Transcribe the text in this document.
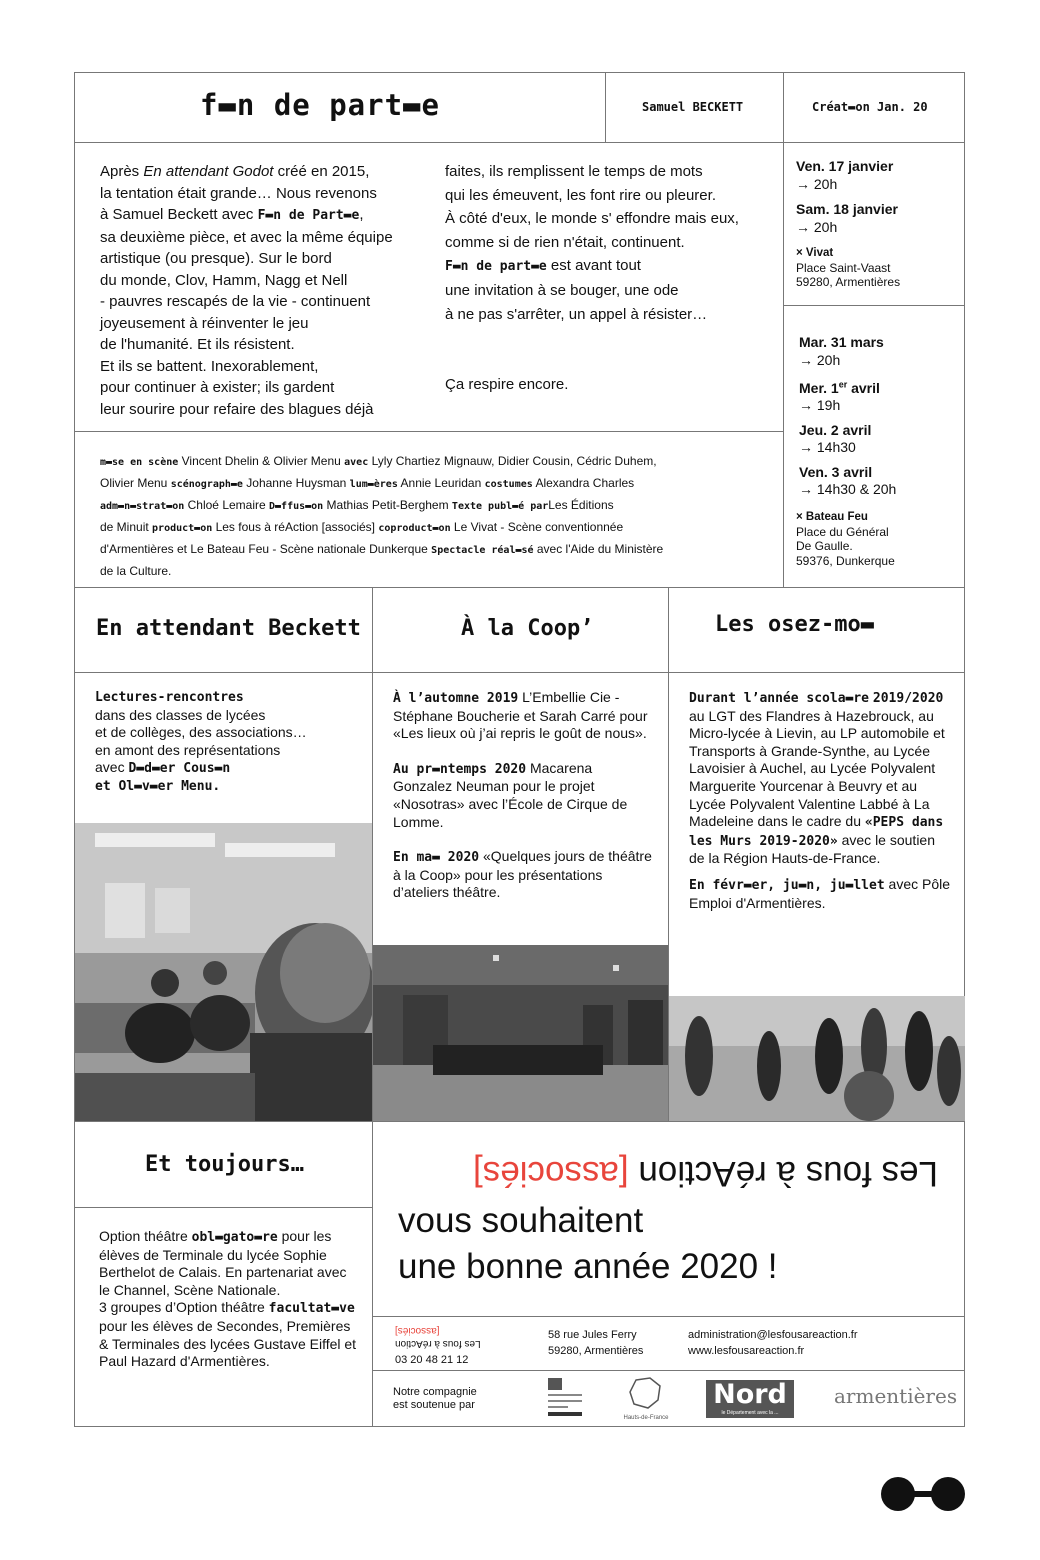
f▬n de part▬e	Samuel BECKETT	Créat▬on Jan. 20

Après En attendant Godot créé en 2015,

la tentation était grande… Nous revenons

à Samuel Beckett avec F▬n de Part▬e,

sa deuxième pièce, et avec la même équipe

artistique (ou presque). Sur le bord

du monde, Clov, Hamm, Nagg et Nell

- pauvres rescapés de la vie - continuent

joyeusement à réinventer le jeu

de l'humanité. Et ils résistent.

Et ils se battent. Inexorablement,

pour continuer à exister; ils gardent

leur sourire pour refaire des blagues déjà

faites, ils remplissent le temps de mots

qui les émeuvent, les font rire ou pleurer.

À côté d'eux, le monde s' effondre mais eux,

comme si de rien n'était, continuent.

F▬n de part▬e est avant tout

une invitation à se bouger, une ode

à ne pas s'arrêter, un appel à résister…

Ça respire encore.

Ven. 17 janvier

→ 20h

Sam. 18 janvier

→ 20h

× Vivat

Place Saint-Vaast

59280, Armentières

Mar. 31 mars

→ 20h

Mer. 1er avril

→ 19h

Jeu. 2 avril

→ 14h30

Ven. 3 avril

→ 14h30 & 20h

× Bateau Feu

Place du Général

De Gaulle.

59376, Dunkerque

m▬se en scène Vincent Dhelin & Olivier Menu avec Lyly Chartiez Mignauw, Didier Cousin, Cédric Duhem,

Olivier Menu scénograph▬e Johanne Huysman lum▬ères Annie Leuridan costumes Alexandra Charles

adm▬n▬strat▬on Chloé Lemaire D▬ffus▬on Mathias Petit-Berghem Texte publ▬é parLes Éditions

de Minuit product▬on Les fous à réAction [associés] coproduct▬on Le Vivat - Scène conventionnée

d'Armentières et Le Bateau Feu - Scène nationale Dunkerque Spectacle réal▬sé avec l'Aide du Ministère

de la Culture.

En attendant Beckett	À la Coop’	Les osez-mo▬
Et toujours…

Lectures-rencontres

dans des classes de lycées

et de collèges, des associations…

en amont des représentations

avec D▬d▬er Cous▬n

et Ol▬v▬er Menu.

À l’automne 2019 L’Embellie Cie - Stéphane Boucherie et Sarah Carré pour «Les lieux où j’ai repris le goût de nous».

Au pr▬ntemps 2020 Macarena Gonzalez Neuman pour le projet «Nosotras» avec l’École de Cirque de Lomme.

En ma▬ 2020 «Quelques jours de théâtre à la Coop» pour les présentations d’ateliers théâtre.

Durant l’année scola▬re 2019/2020 au LGT des Flandres à Hazebrouck, au Micro-lycée à Lievin, au LP automobile et Transports à Grande-Synthe, au Lycée Lavoisier à Auchel, au Lycée Polyvalent Marguerite Yourcenar à Beuvry et au Lycée Polyvalent Valentine Labbé à La Madeleine dans le cadre du «PEPS dans les Murs 2019-2020» avec le soutien de la Région Hauts-de-France.

En févr▬er, ju▬n, ju▬llet avec Pôle Emploi d'Armentières.

Option théâtre obl▬gato▬re pour les élèves de Terminale du lycée Sophie Berthelot de Calais. En partenariat avec le Channel, Scène Nationale.

3 groupes d’Option théâtre facultat▬ve pour les élèves de Secondes, Premières & Terminales des lycées Gustave Eiffel et Paul Hazard d'Armentières.

Les fous à réAction [associés]
vous souhaitent
une bonne année 2020 !

[associés]

Les fous à réAction

03 20 48 21 12

58 rue Jules Ferry

59280, Armentières

administration@lesfousareaction.fr

www.lesfousareaction.fr

Notre compagnie

est soutenue par

Hauts-de-France
Nord
le Département avec la ...
armentières
